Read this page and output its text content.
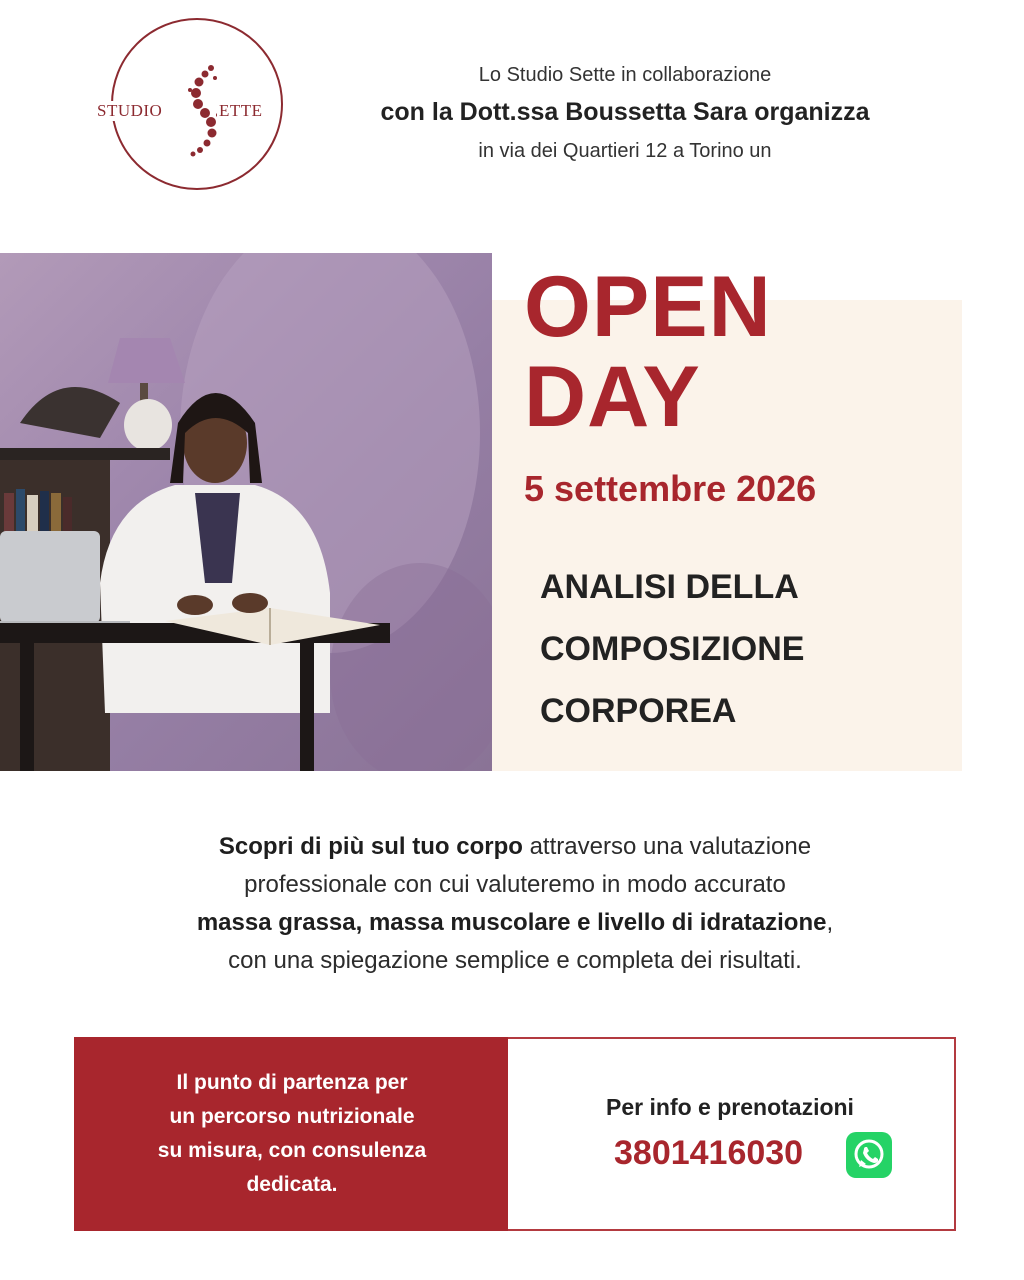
STUDIO	ETTE
Lo Studio Sette in collaborazione
con la Dott.ssa Boussetta Sara organizza
in via dei Quartieri 12 a Torino un
OPEN
DAY
5 settembre 2026
ANALISI DELLA
COMPOSIZIONE
CORPOREA
Scopri di più sul tuo corpo attraverso una valutazione
professionale con cui valuteremo in modo accurato
massa grassa, massa muscolare e livello di idratazione,
con una spiegazione semplice e completa dei risultati.
Il punto di partenza per
un percorso nutrizionale
su misura, con consulenza
dedicata.
Per info e prenotazioni
3801416030
